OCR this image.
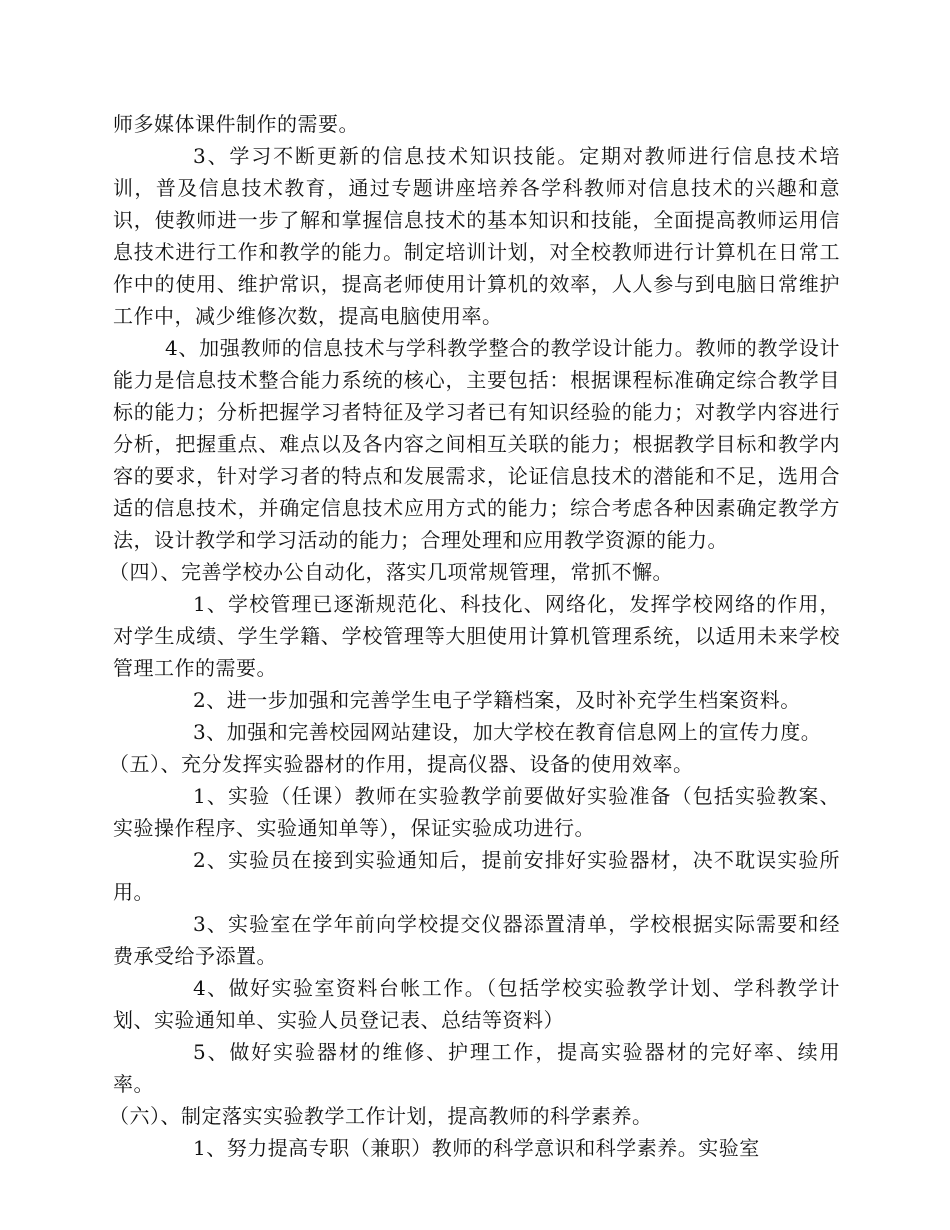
师多媒体课件制作的需要。

3、学习不断更新的信息技术知识技能。定期对教师进行信息技术培训，普及信息技术教育，通过专题讲座培养各学科教师对信息技术的兴趣和意识，使教师进一步了解和掌握信息技术的基本知识和技能，全面提高教师运用信息技术进行工作和教学的能力。制定培训计划，对全校教师进行计算机在日常工作中的使用、维护常识，提高老师使用计算机的效率，人人参与到电脑日常维护工作中，减少维修次数，提高电脑使用率。

4、加强教师的信息技术与学科教学整合的教学设计能力。教师的教学设计能力是信息技术整合能力系统的核心，主要包括：根据课程标准确定综合教学目标的能力；分析把握学习者特征及学习者已有知识经验的能力；对教学内容进行分析，把握重点、难点以及各内容之间相互关联的能力；根据教学目标和教学内容的要求，针对学习者的特点和发展需求，论证信息技术的潜能和不足，选用合适的信息技术，并确定信息技术应用方式的能力；综合考虑各种因素确定教学方法，设计教学和学习活动的能力；合理处理和应用教学资源的能力。

（四）、完善学校办公自动化，落实几项常规管理，常抓不懈。

1、学校管理已逐渐规范化、科技化、网络化，发挥学校网络的作用，对学生成绩、学生学籍、学校管理等大胆使用计算机管理系统，以适用未来学校管理工作的需要。

2、进一步加强和完善学生电子学籍档案，及时补充学生档案资料。

3、加强和完善校园网站建设，加大学校在教育信息网上的宣传力度。

（五）、充分发挥实验器材的作用，提高仪器、设备的使用效率。

1、实验（任课）教师在实验教学前要做好实验准备（包括实验教案、实验操作程序、实验通知单等），保证实验成功进行。

2、实验员在接到实验通知后，提前安排好实验器材，决不耽误实验所用。

3、实验室在学年前向学校提交仪器添置清单，学校根据实际需要和经费承受给予添置。

4、做好实验室资料台帐工作。（包括学校实验教学计划、学科教学计划、实验通知单、实验人员登记表、总结等资料）

5、做好实验器材的维修、护理工作，提高实验器材的完好率、续用率。

（六）、制定落实实验教学工作计划，提高教师的科学素养。

1、努力提高专职（兼职）教师的科学意识和科学素养。实验室
